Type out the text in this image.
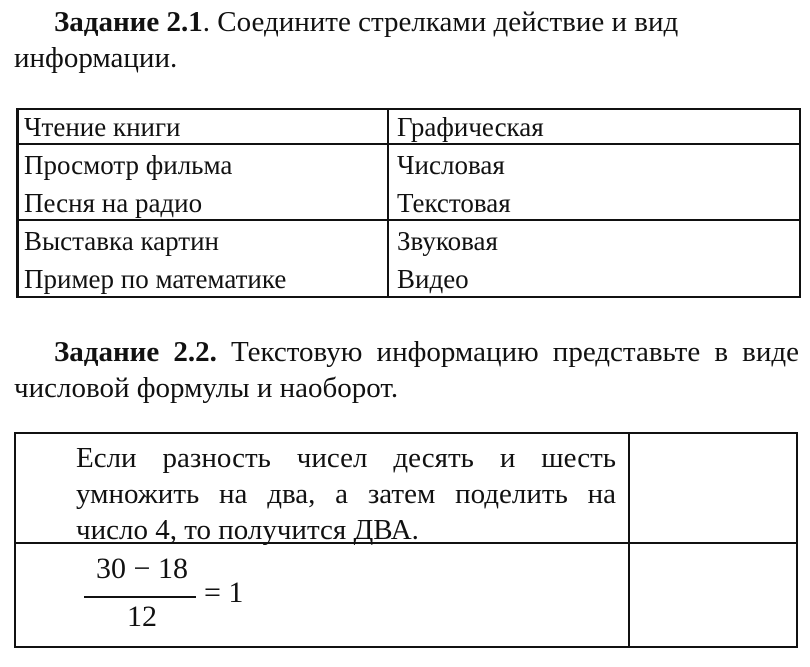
Задание 2.1. Соедините стрелками действие и вид информации.
Чтение книги
Просмотр фильма
Песня на радио
Выставка картин
Пример по математике
Графическая
Числовая
Текстовая
Звуковая
Видео
Задание 2.2. Текстовую информацию представьте в виде числовой формулы и наоборот.
Если разность чисел десять и шесть умножить на два, а затем поделить на число 4, то получится ДВА.
30 − 18
12
= 1
